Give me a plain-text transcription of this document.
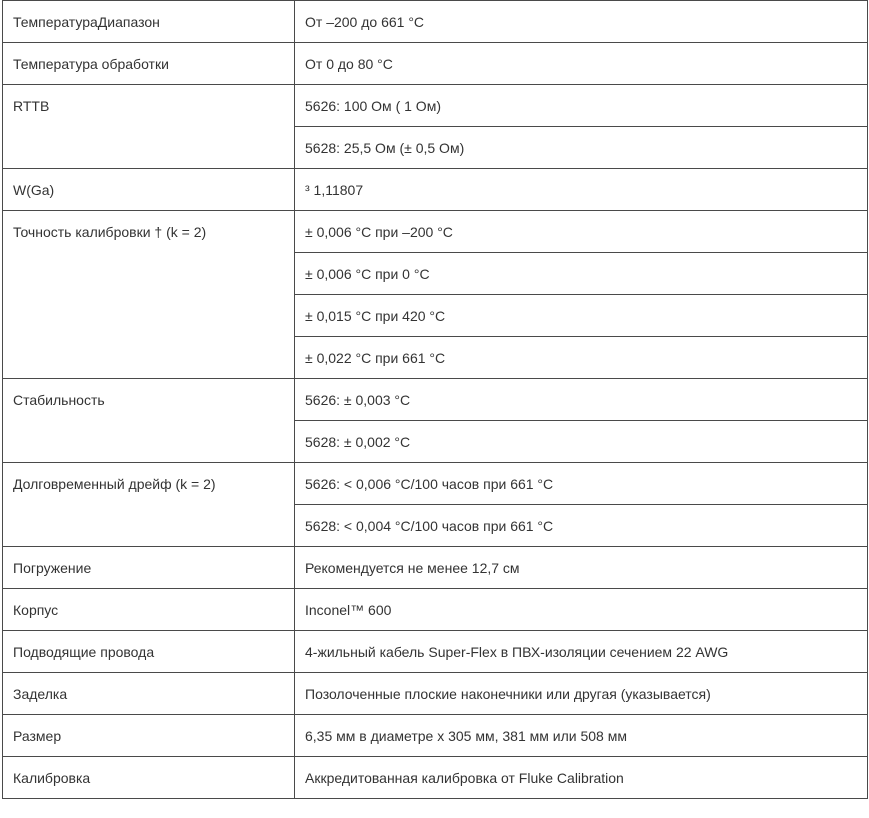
ТемператураДиапазон	От –200 до 661 °C
Температура обработки	От 0 до 80 °C
RTTB	5626: 100 Ом ( 1 Ом)
	5628: 25,5 Ом (± 0,5 Ом)
W(Ga)	³ 1,11807
Точность калибровки † (k = 2)	± 0,006 °C при –200 °C
	± 0,006 °C при 0 °C
	± 0,015 °C при 420 °C
	± 0,022 °C при 661 °C
Стабильность	5626: ± 0,003 °C
	5628: ± 0,002 °C
Долговременный дрейф (k = 2)	5626: < 0,006 °C/100 часов при 661 °C
	5628: < 0,004 °C/100 часов при 661 °C
Погружение	Рекомендуется не менее 12,7 см
Корпус	Inconel™ 600
Подводящие провода	4-жильный кабель Super-Flex в ПВХ-изоляции сечением 22 AWG
Заделка	Позолоченные плоские наконечники или другая (указывается)
Размер	6,35 мм в диаметре х 305 мм, 381 мм или 508 мм
Калибровка	Аккредитованная калибровка от Fluke Calibration
